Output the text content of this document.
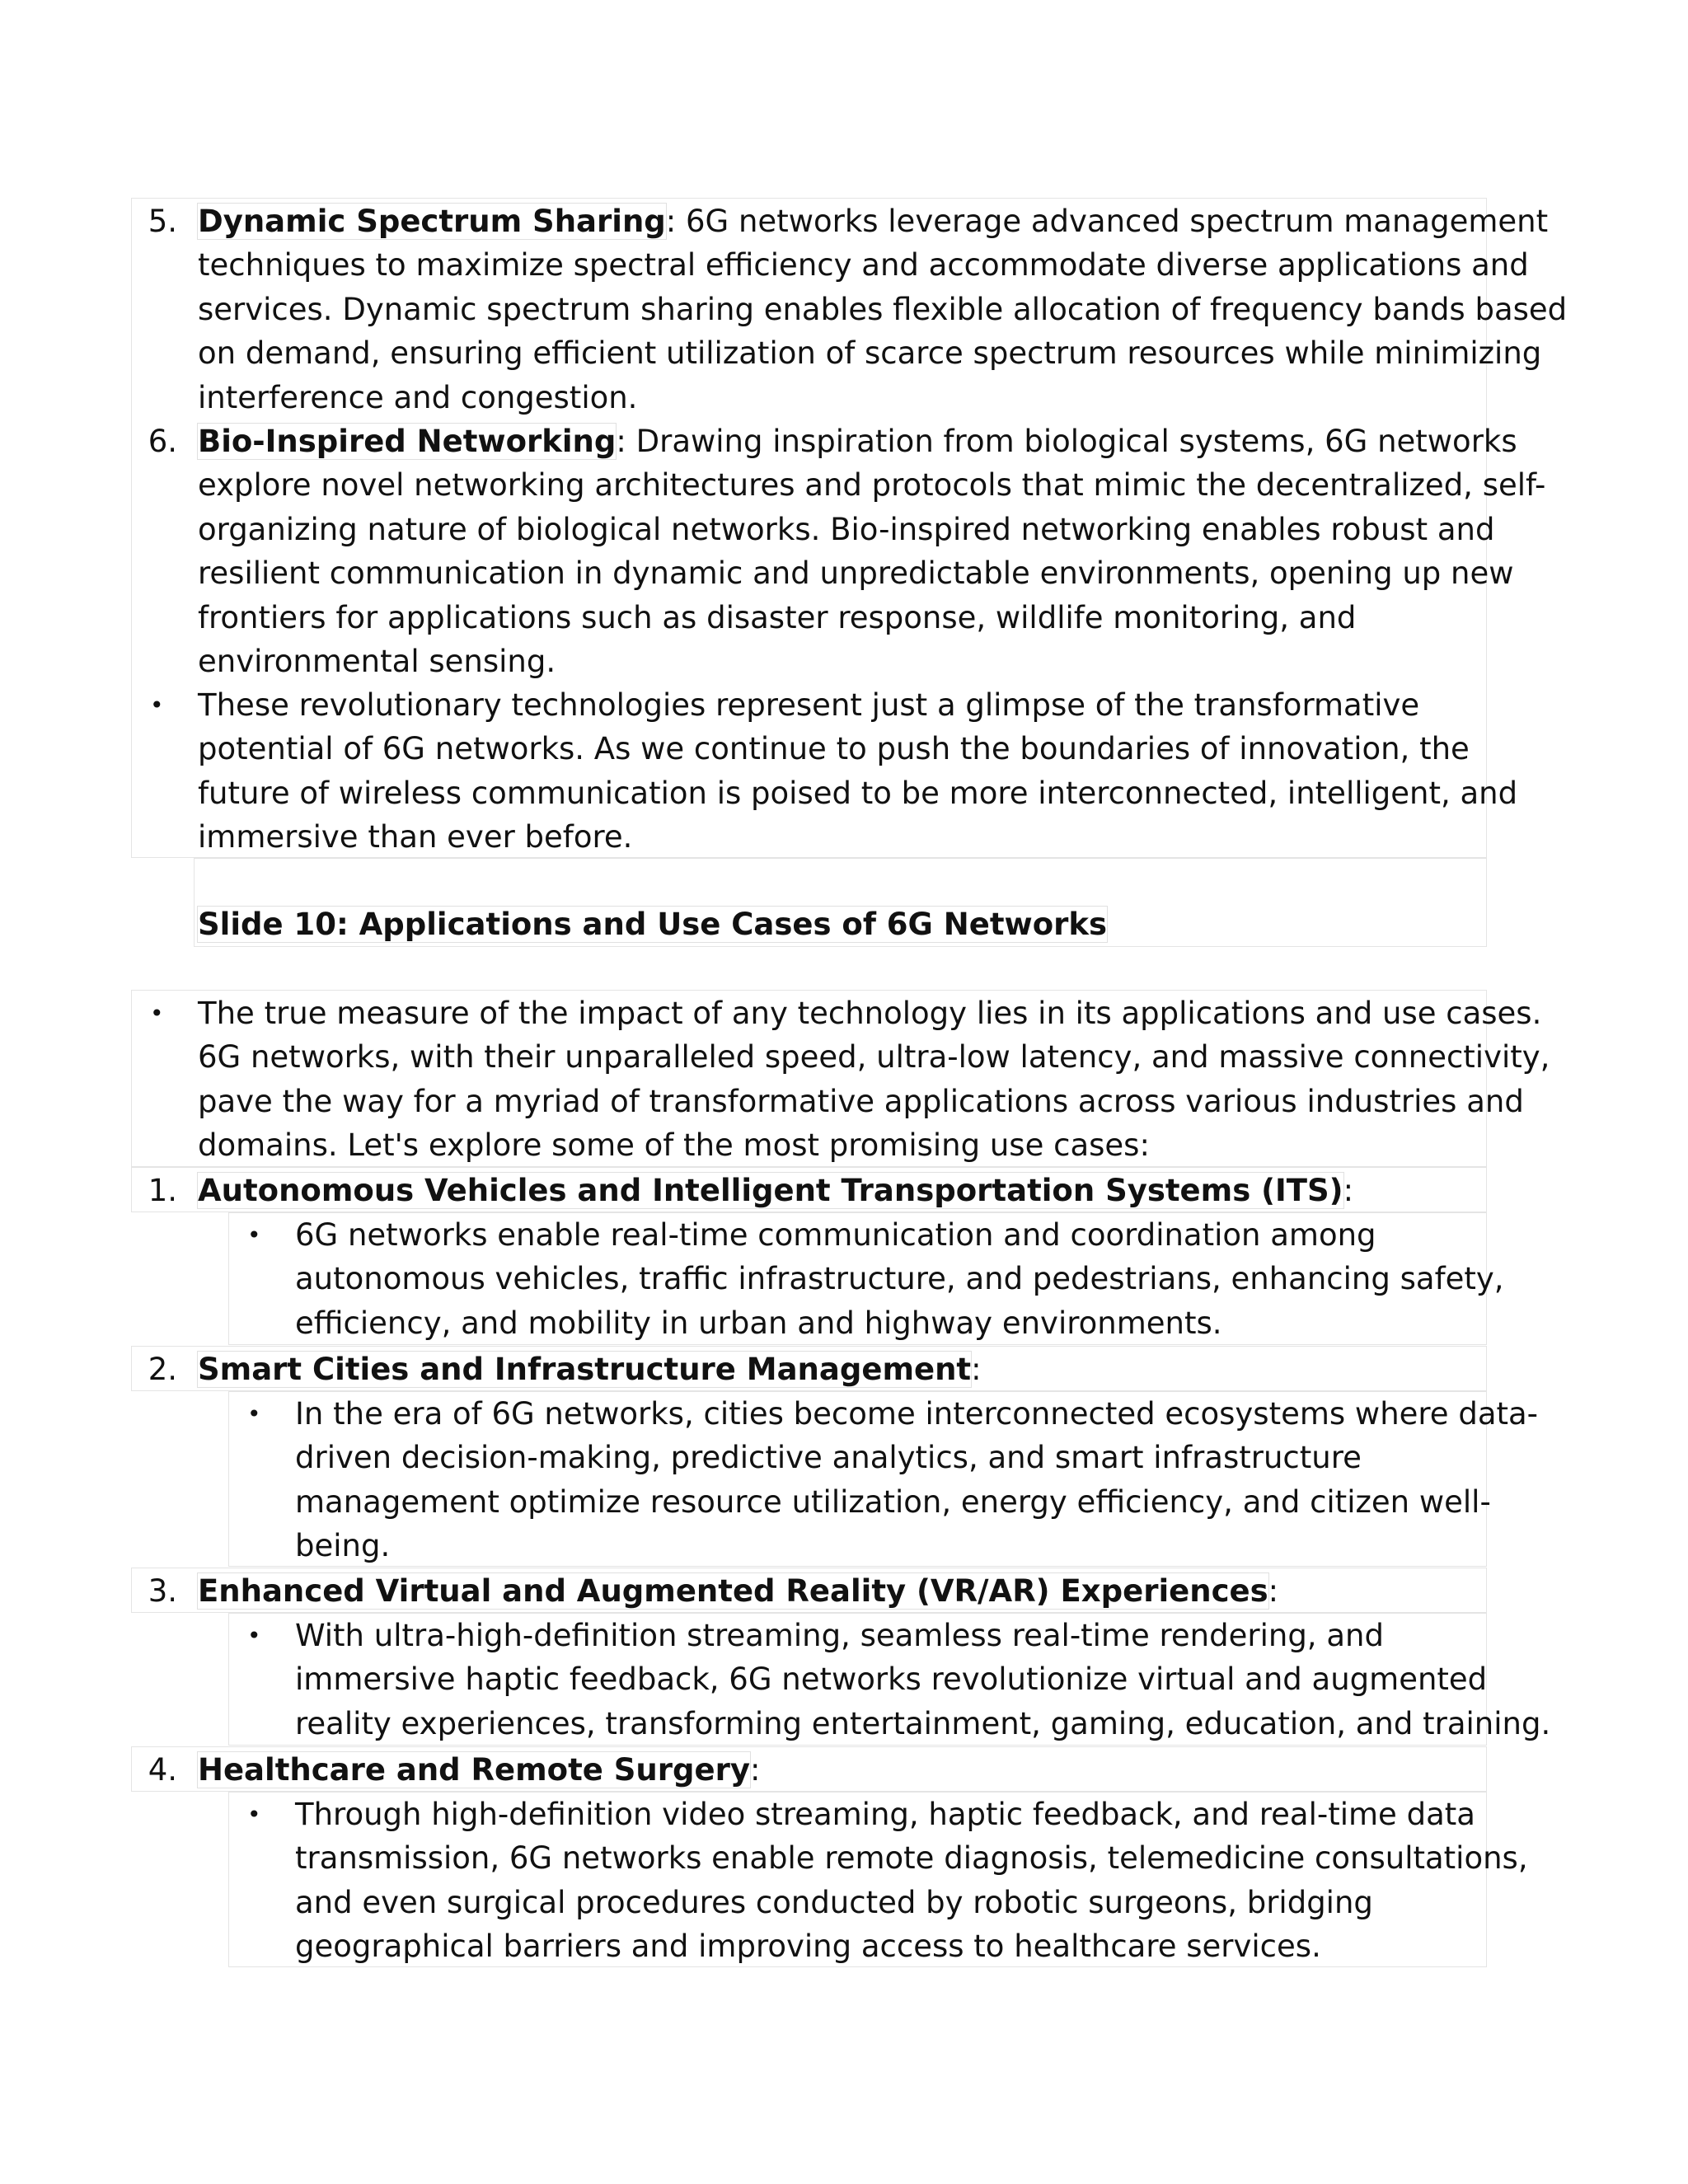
5. Dynamic Spectrum Sharing: 6G networks leverage advanced spectrum management
techniques to maximize spectral efficiency and accommodate diverse applications and
services. Dynamic spectrum sharing enables flexible allocation of frequency bands based
on demand, ensuring efficient utilization of scarce spectrum resources while minimizing
interference and congestion.
6. Bio-Inspired Networking: Drawing inspiration from biological systems, 6G networks
explore novel networking architectures and protocols that mimic the decentralized, self-
organizing nature of biological networks. Bio-inspired networking enables robust and
resilient communication in dynamic and unpredictable environments, opening up new
frontiers for applications such as disaster response, wildlife monitoring, and
environmental sensing.
• These revolutionary technologies represent just a glimpse of the transformative
potential of 6G networks. As we continue to push the boundaries of innovation, the
future of wireless communication is poised to be more interconnected, intelligent, and
immersive than ever before.
Slide 10: Applications and Use Cases of 6G Networks
• The true measure of the impact of any technology lies in its applications and use cases.
6G networks, with their unparalleled speed, ultra-low latency, and massive connectivity,
pave the way for a myriad of transformative applications across various industries and
domains. Let's explore some of the most promising use cases:
1. Autonomous Vehicles and Intelligent Transportation Systems (ITS):
• 6G networks enable real-time communication and coordination among
autonomous vehicles, traffic infrastructure, and pedestrians, enhancing safety,
efficiency, and mobility in urban and highway environments.
2. Smart Cities and Infrastructure Management:
• In the era of 6G networks, cities become interconnected ecosystems where data-
driven decision-making, predictive analytics, and smart infrastructure
management optimize resource utilization, energy efficiency, and citizen well-
being.
3. Enhanced Virtual and Augmented Reality (VR/AR) Experiences:
• With ultra-high-definition streaming, seamless real-time rendering, and
immersive haptic feedback, 6G networks revolutionize virtual and augmented
reality experiences, transforming entertainment, gaming, education, and training.
4. Healthcare and Remote Surgery:
• Through high-definition video streaming, haptic feedback, and real-time data
transmission, 6G networks enable remote diagnosis, telemedicine consultations,
and even surgical procedures conducted by robotic surgeons, bridging
geographical barriers and improving access to healthcare services.
